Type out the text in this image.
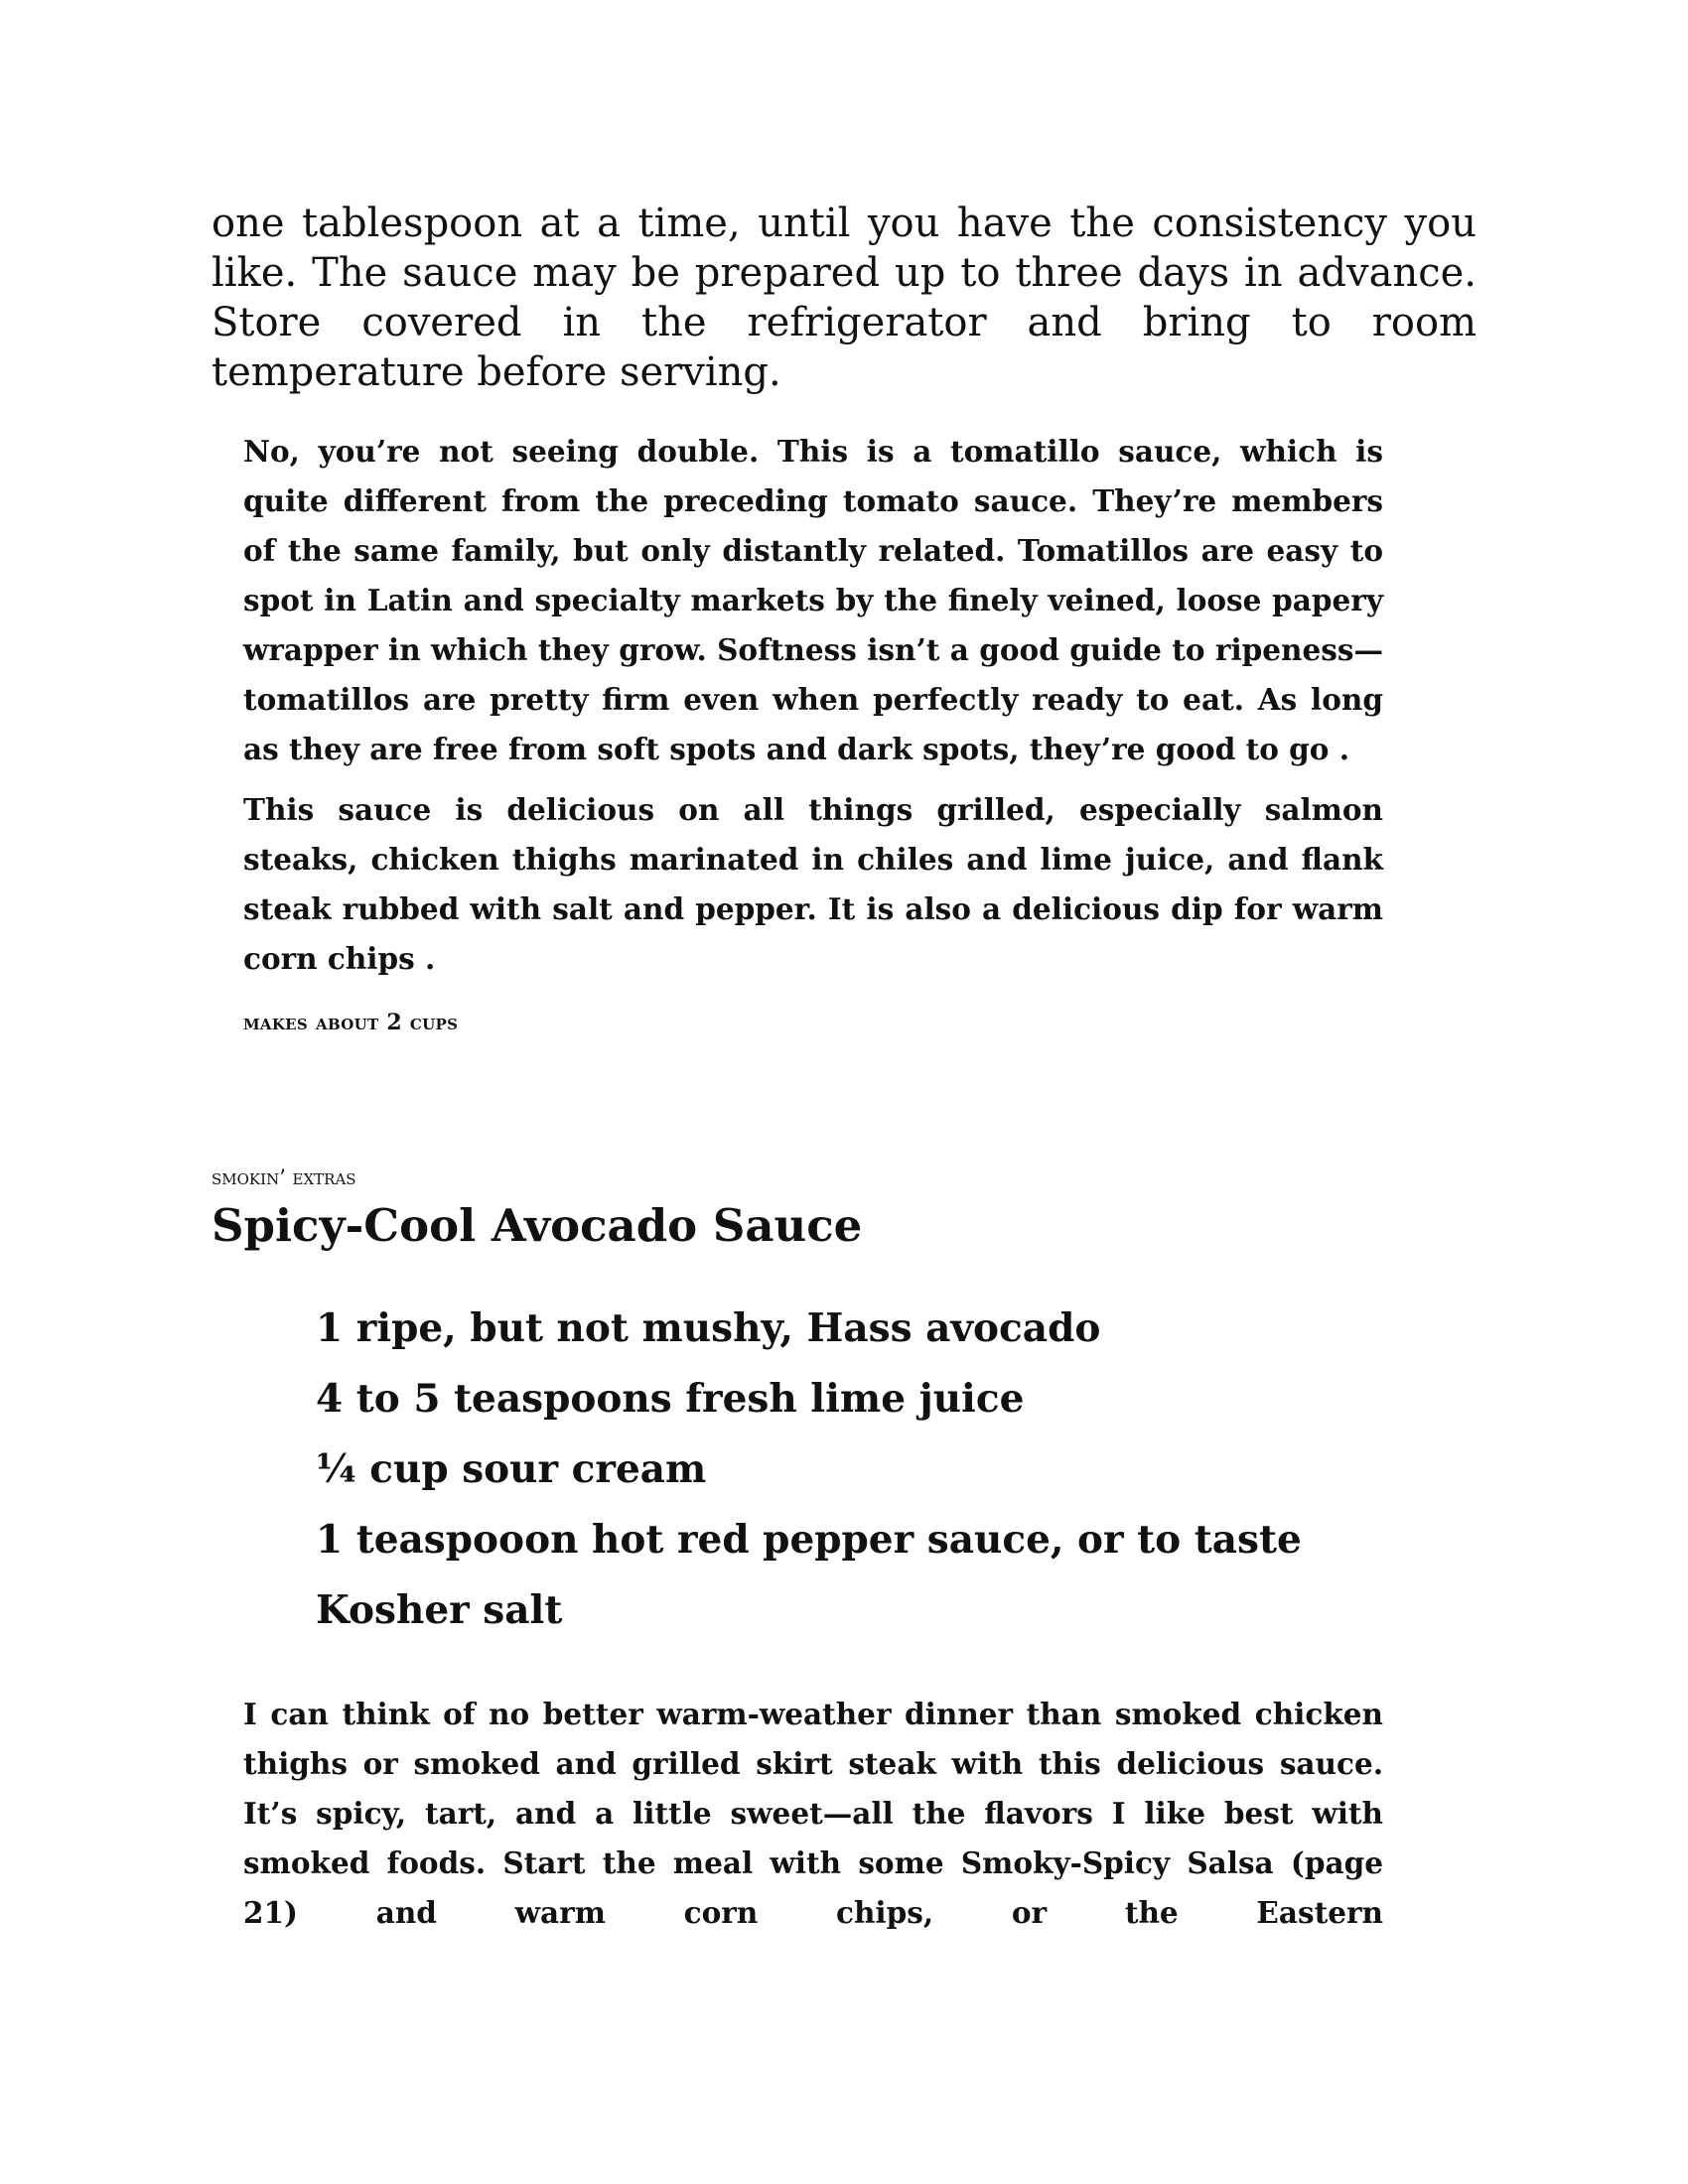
one tablespoon at a time, until you have the consistency you like. The sauce may be prepared up to three days in advance. Store covered in the refrigerator and bring to room temperature before serving.

No, you’re not seeing double. This is a tomatillo sauce, which is quite different from the preceding tomato sauce. They’re members of the same family, but only distantly related. Tomatillos are easy to spot in Latin and specialty markets by the finely veined, loose papery wrapper in which they grow. Softness isn’t a good guide to ripeness—tomatillos are pretty firm even when perfectly ready to eat. As long as they are free from soft spots and dark spots, they’re good to go .

This sauce is delicious on all things grilled, especially salmon steaks, chicken thighs marinated in chiles and lime juice, and flank steak rubbed with salt and pepper. It is also a delicious dip for warm corn chips .

makes about 2 cups

smokin’ extras

Spicy-Cool Avocado Sauce
1 ripe, but not mushy, Hass avocado
4 to 5 teaspoons fresh lime juice
¼ cup sour cream
1 teaspooon hot red pepper sauce, or to taste
Kosher salt

I can think of no better warm-weather dinner than smoked chicken thighs or smoked and grilled skirt steak with this delicious sauce. It’s spicy, tart, and a little sweet—all the flavors I like best with smoked foods. Start the meal with some Smoky-Spicy Salsa (page 21) and warm corn chips, or the Eastern
